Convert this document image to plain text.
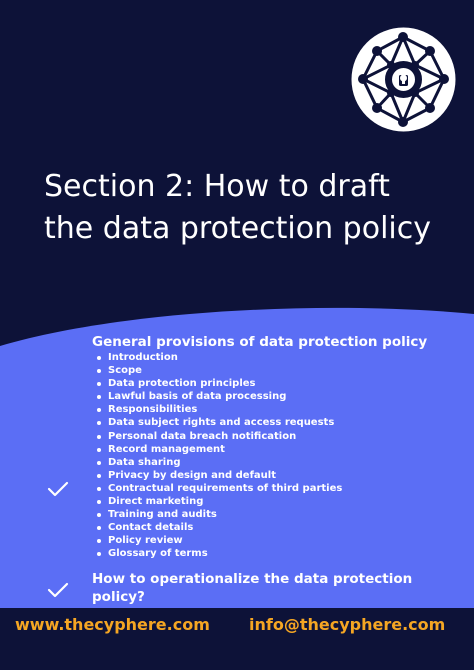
Section 2: How to draft the data protection policy
General provisions of data protection policy
Introduction
Scope
Data protection principles
Lawful basis of data processing
Responsibilities
Data subject rights and access requests
Personal data breach notification
Record management
Data sharing
Privacy by design and default
Contractual requirements of third parties
Direct marketing
Training and audits
Contact details
Policy review
Glossary of terms
How to operationalize the data protection policy?
www.thecyphere.com info@thecyphere.com
